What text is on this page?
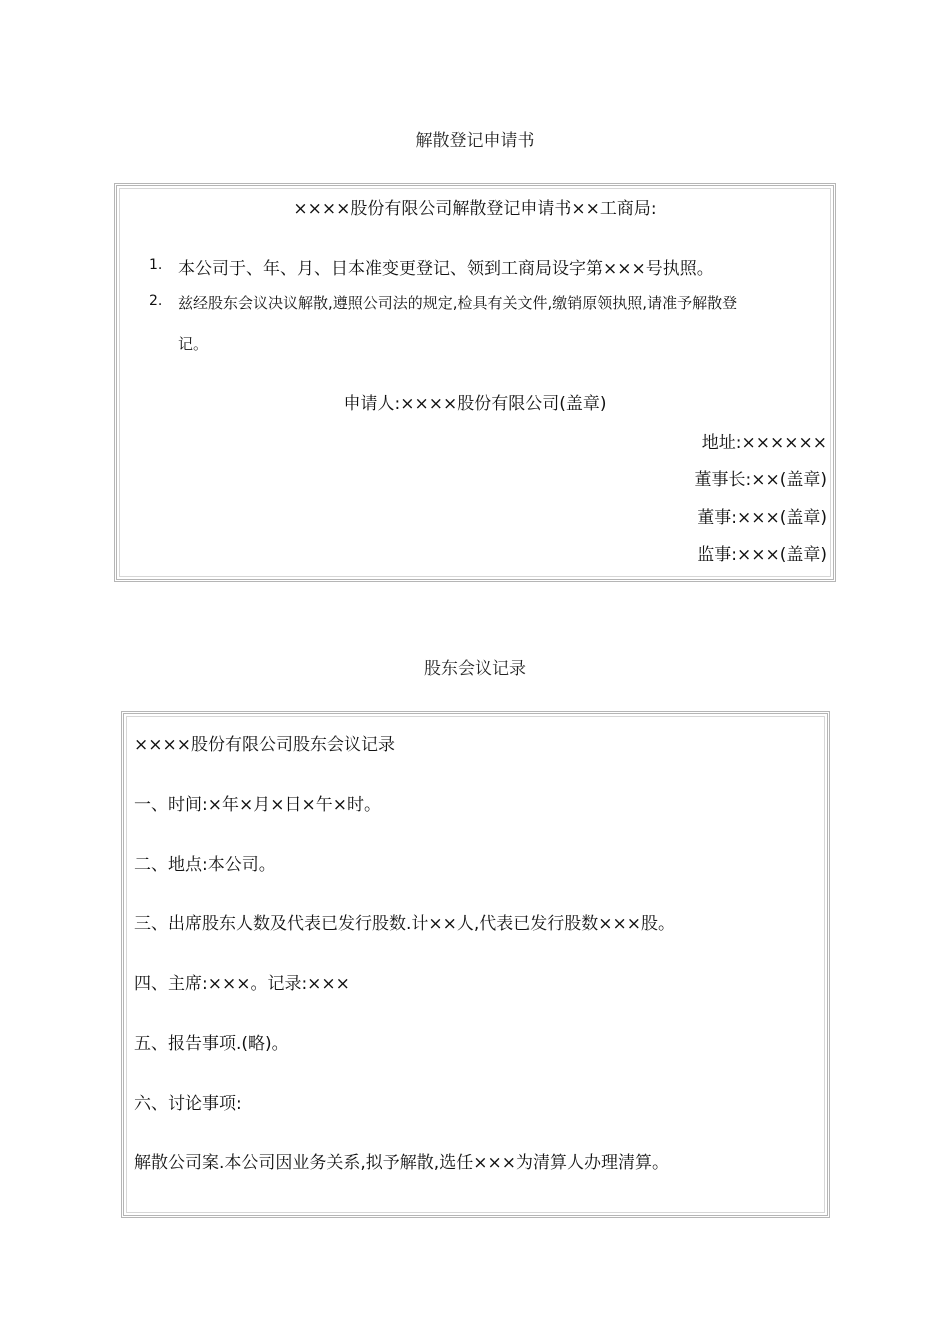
解散登记申请书
××××股份有限公司解散登记申请书××工商局:
1. 本公司于、年、月、日本准变更登记、领到工商局设字第×××号执照。
2. 兹经股东会议决议解散,遵照公司法的规定,检具有关文件,缴销原领执照,请准予解散登
记。
申请人:××××股份有限公司(盖章)
地址:××××××
董事长:××(盖章)
董事:×××(盖章)
监事:×××(盖章)
股东会议记录
××××股份有限公司股东会议记录
一、时间:×年×月×日×午×时。
二、地点:本公司。
三、出席股东人数及代表已发行股数.计××人,代表已发行股数×××股。
四、主席:×××。记录:×××
五、报告事项.(略)。
六、讨论事项:
解散公司案.本公司因业务关系,拟予解散,选任×××为清算人办理清算。
